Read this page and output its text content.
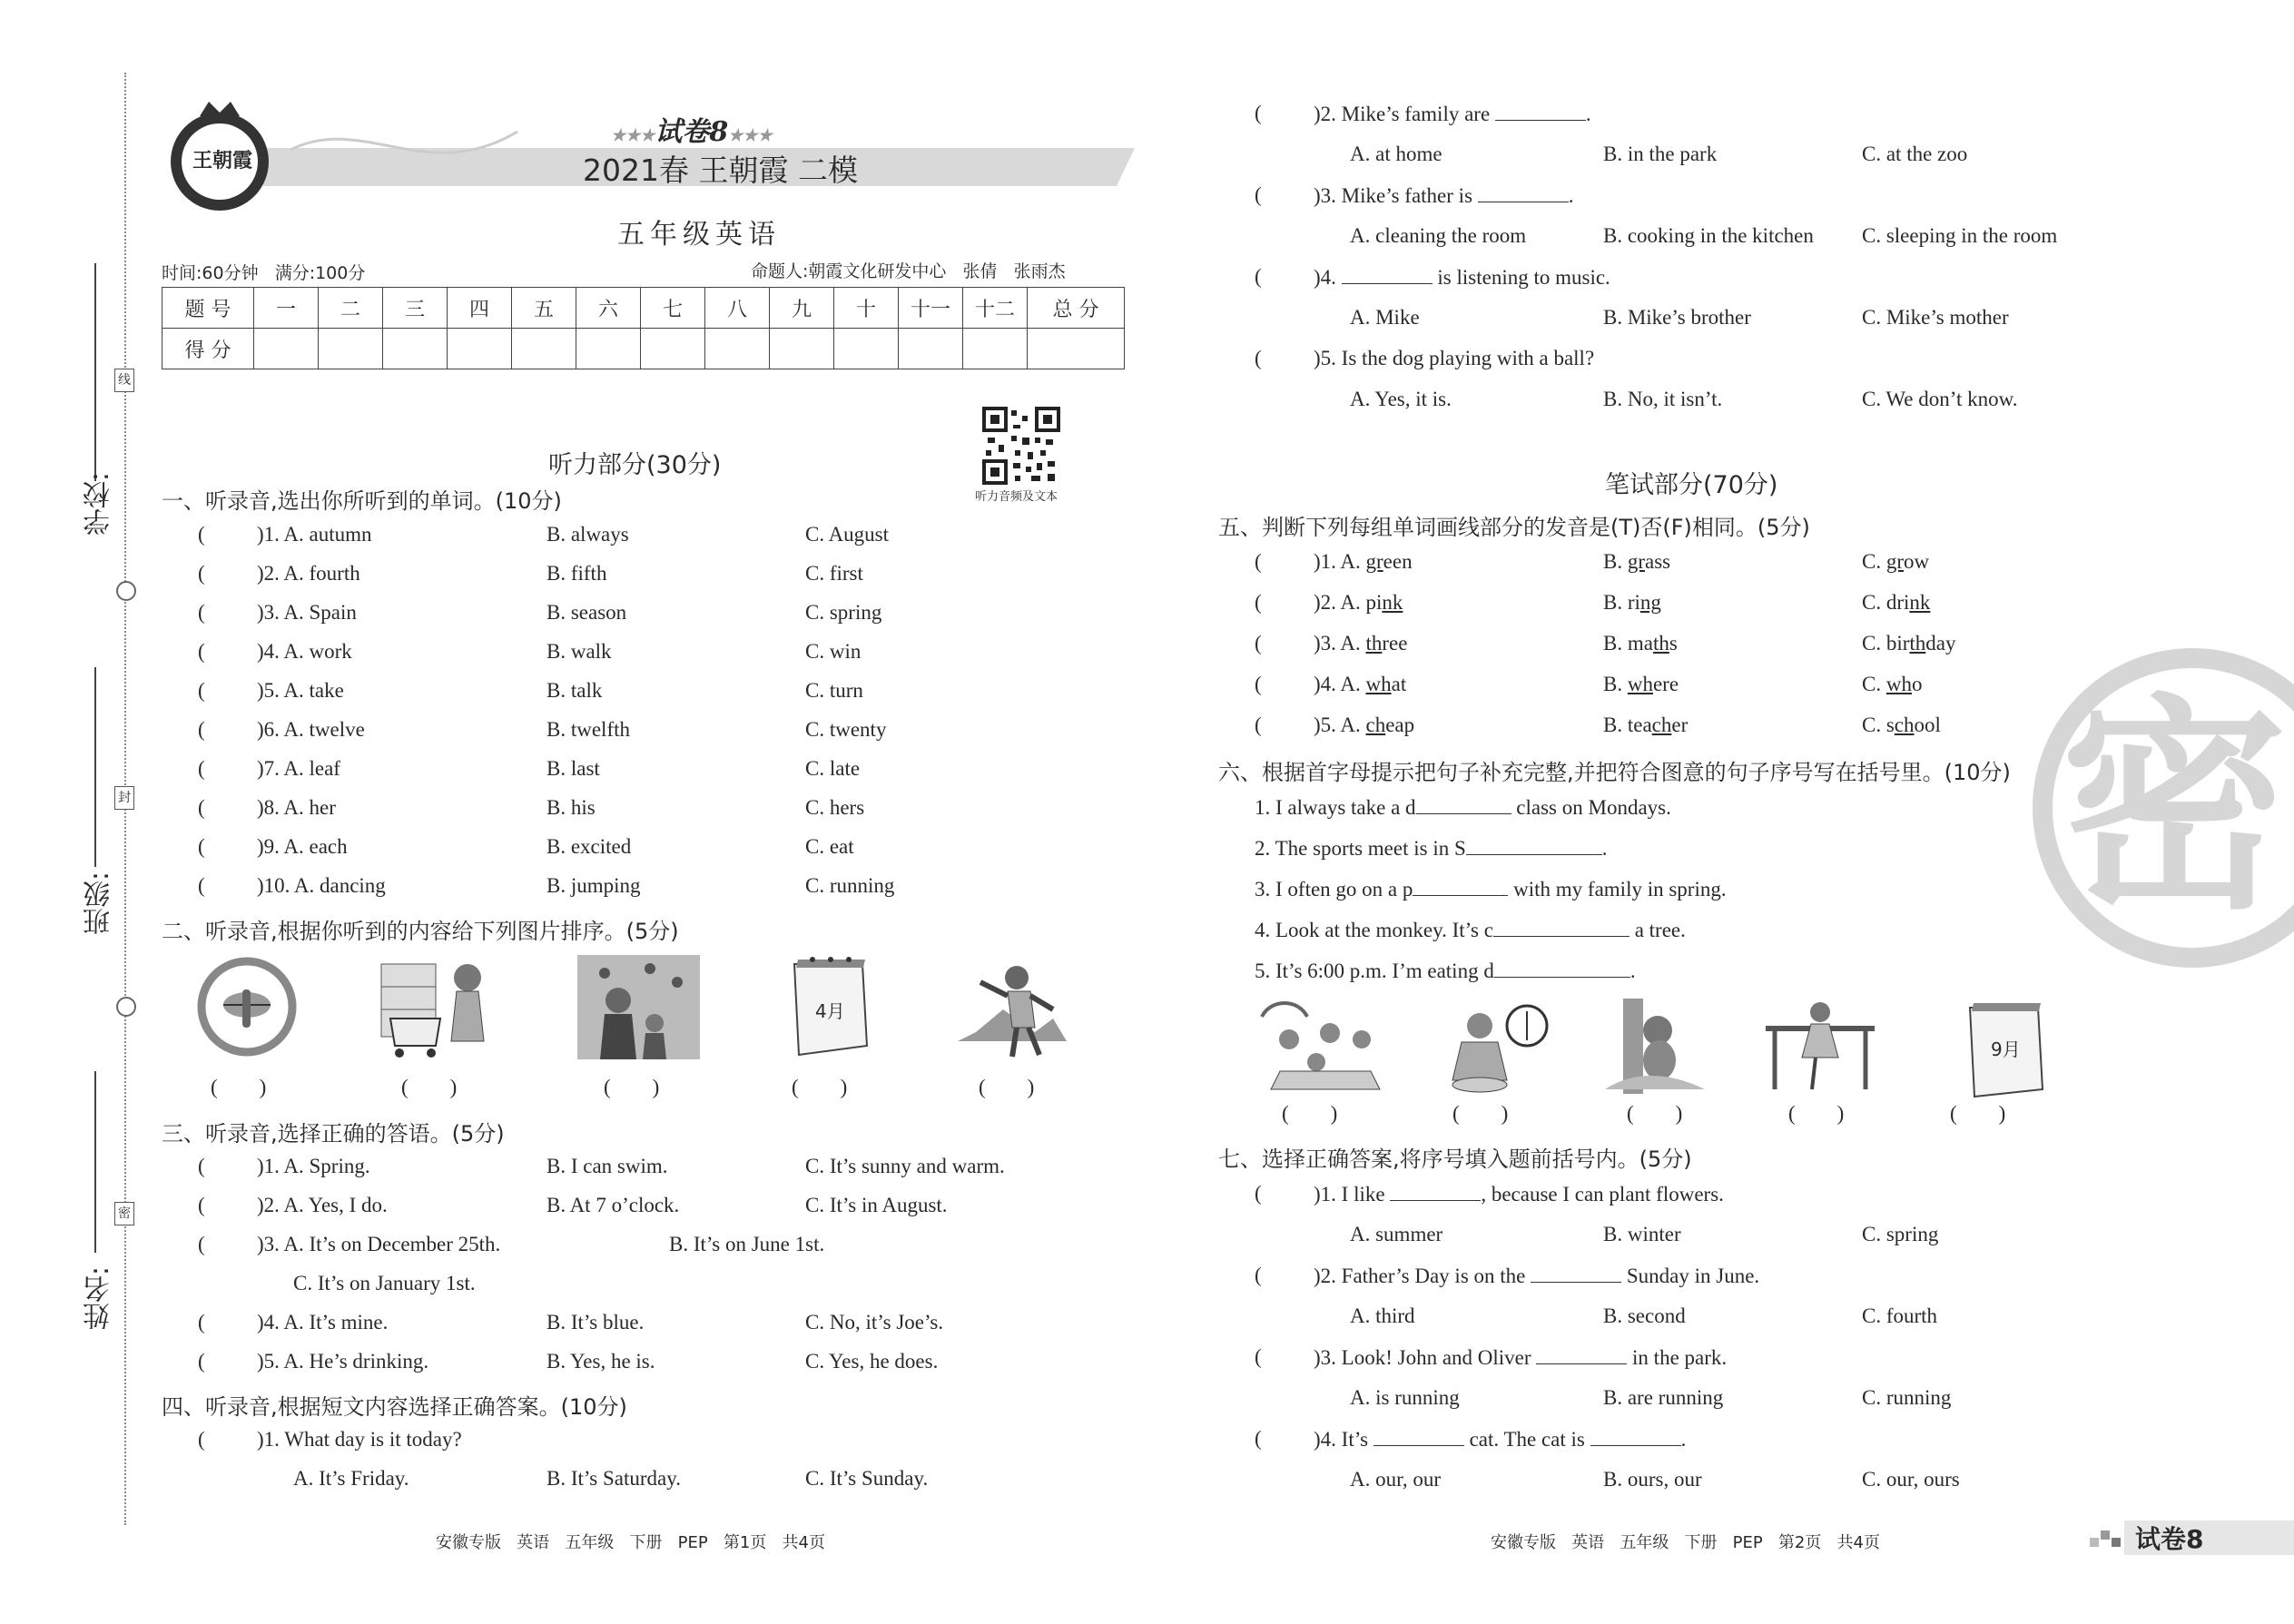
学校:
班级:
姓名:
线
封
密
王朝霞
★★★试卷8★★★
2021春 王朝霞 二模
五年级英语
时间:60分钟   满分:100分	命题人:朝霞文化研发中心   张倩   张雨杰
题 号	一	二	三	四	五	六	七	八	九	十	十一	十二	总 分
得 分													
听力音频及文本
听力部分(30分)
一、听录音,选出你所听到的单词。(10分)
( )1. A. autumn	B. always	C. August
( )2. A. fourth	B. fifth	C. first
( )3. A. Spain	B. season	C. spring
( )4. A. work	B. walk	C. win
( )5. A. take	B. talk	C. turn
( )6. A. twelve	B. twelfth	C. twenty
( )7. A. leaf	B. last	C. late
( )8. A. her	B. his	C. hers
( )9. A. each	B. excited	C. eat
( )10. A. dancing	B. jumping	C. running
二、听录音,根据你听到的内容给下列图片排序。(5分)
4月
(        )	(        )	(        )	(        )	(        )
三、听录音,选择正确的答语。(5分)
( )1. A. Spring.	B. I can swim.	C. It’s sunny and warm.
( )2. A. Yes, I do.	B. At 7 o’clock.	C. It’s in August.
( )3. A. It’s on December 25th.	B. It’s on June 1st.
C. It’s on January 1st.
( )4. A. It’s mine.	B. It’s blue.	C. No, it’s Joe’s.
( )5. A. He’s drinking.	B. Yes, he is.	C. Yes, he does.
四、听录音,根据短文内容选择正确答案。(10分)
( )1. What day is it today?
A. It’s Friday.	B. It’s Saturday.	C. It’s Sunday.
安徽专版   英语   五年级   下册   PEP   第1页   共4页
( )2. Mike’s family are	.
A. at home	B. in the park	C. at the zoo
( )3. Mike’s father is	.
A. cleaning the room	B. cooking in the kitchen C. sleeping in the room
( )4.	is listening to music.
A. Mike	B. Mike’s brother	C. Mike’s mother
( )5. Is the dog playing with a ball?
A. Yes, it is.	B. No, it isn’t.	C. We don’t know.
密
笔试部分(70分)
五、判断下列每组单词画线部分的发音是(T)否(F)相同。(5分)
( )1. A. green	B. grass	C. grow
( )2. A. pink	B. ring	C. drink
( )3. A. three	B. maths	C. birthday
( )4. A. what	B. where	C. who
( )5. A. cheap	B. teacher	C. school
六、根据首字母提示把句子补充完整,并把符合图意的句子序号写在括号里。(10分)
1. I always take a d	class on Mondays.
2. The sports meet is in S	.
3. I often go on a p	with my family in spring.
4. Look at the monkey. It’s c	a tree.
5. It’s 6:00 p.m. I’m eating d	.
9月
(        )	(        )	(        )	(        )	(        )
七、选择正确答案,将序号填入题前括号内。(5分)
( )1. I like	, because I can plant flowers.
A. summer	B. winter	C. spring
( )2. Father’s Day is on the	Sunday in June.
A. third	B. second	C. fourth
( )3. Look! John and Oliver	in the park.
A. is running	B. are running	C. running
( )4. It’s	cat. The cat is	.
A. our, our	B. ours, our	C. our, ours
安徽专版   英语   五年级   下册   PEP   第2页   共4页	试卷8
